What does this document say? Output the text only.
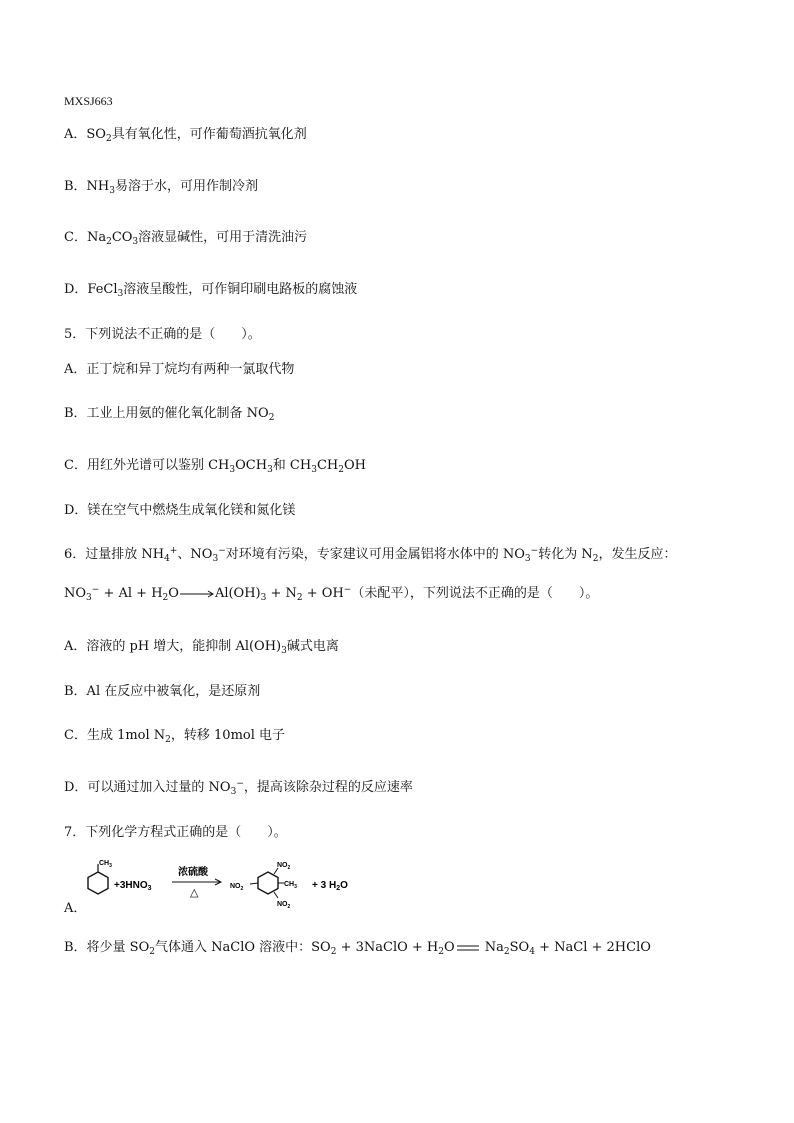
MXSJ663
A．$SO_2$具有氧化性，可作葡萄酒抗氧化剂
B．$NH_3$易溶于水，可用作制冷剂
C．$Na_2CO_3$溶液显碱性，可用于清洗油污
D．FeCl$_3$溶液呈酸性，可作铜印刷电路板的腐蚀液
5．下列说法不正确的是（　　）。
A．正丁烷和异丁烷均有两种一氯取代物
B．工业上用氨的催化氧化制备 $NO_2$
C．用红外光谱可以鉴别 $CH_3OCH_3$和 $CH_3CH_2OH$
D．镁在空气中燃烧生成氧化镁和氮化镁
6．过量排放 $NH_4^+$、$NO_3^-$对环境有污染，专家建议可用金属铝将水体中的 $NO_3^-$转化为 $N_2$，发生反应：
$NO_3^- + Al + H_2O\to Al(OH)_3 + N_2 + OH^-$（未配平），下列说法不正确的是（　　）。
A．溶液的 pH 增大，能抑制 $Al(OH)_3$碱式电离
B．Al 在反应中被氧化，是还原剂
C．生成 1mol $N_2$，转移 10mol 电子
D．可以通过加入过量的 $NO_3^-$，提高该除杂过程的反应速率
7．下列化学方程式正确的是（　　）。
$CH_3$
$+3HNO_3$
浓硫酸
△
$NO_2$
$NO_2$
$CH_3$
$NO_2$
+ 3 $H_2O$
A．
B．将少量 $SO_2$气体通入 NaClO 溶液中：$SO_2$ + 3NaClO + $H_2O$ $Na_2SO_4$ + NaCl + 2HClO
